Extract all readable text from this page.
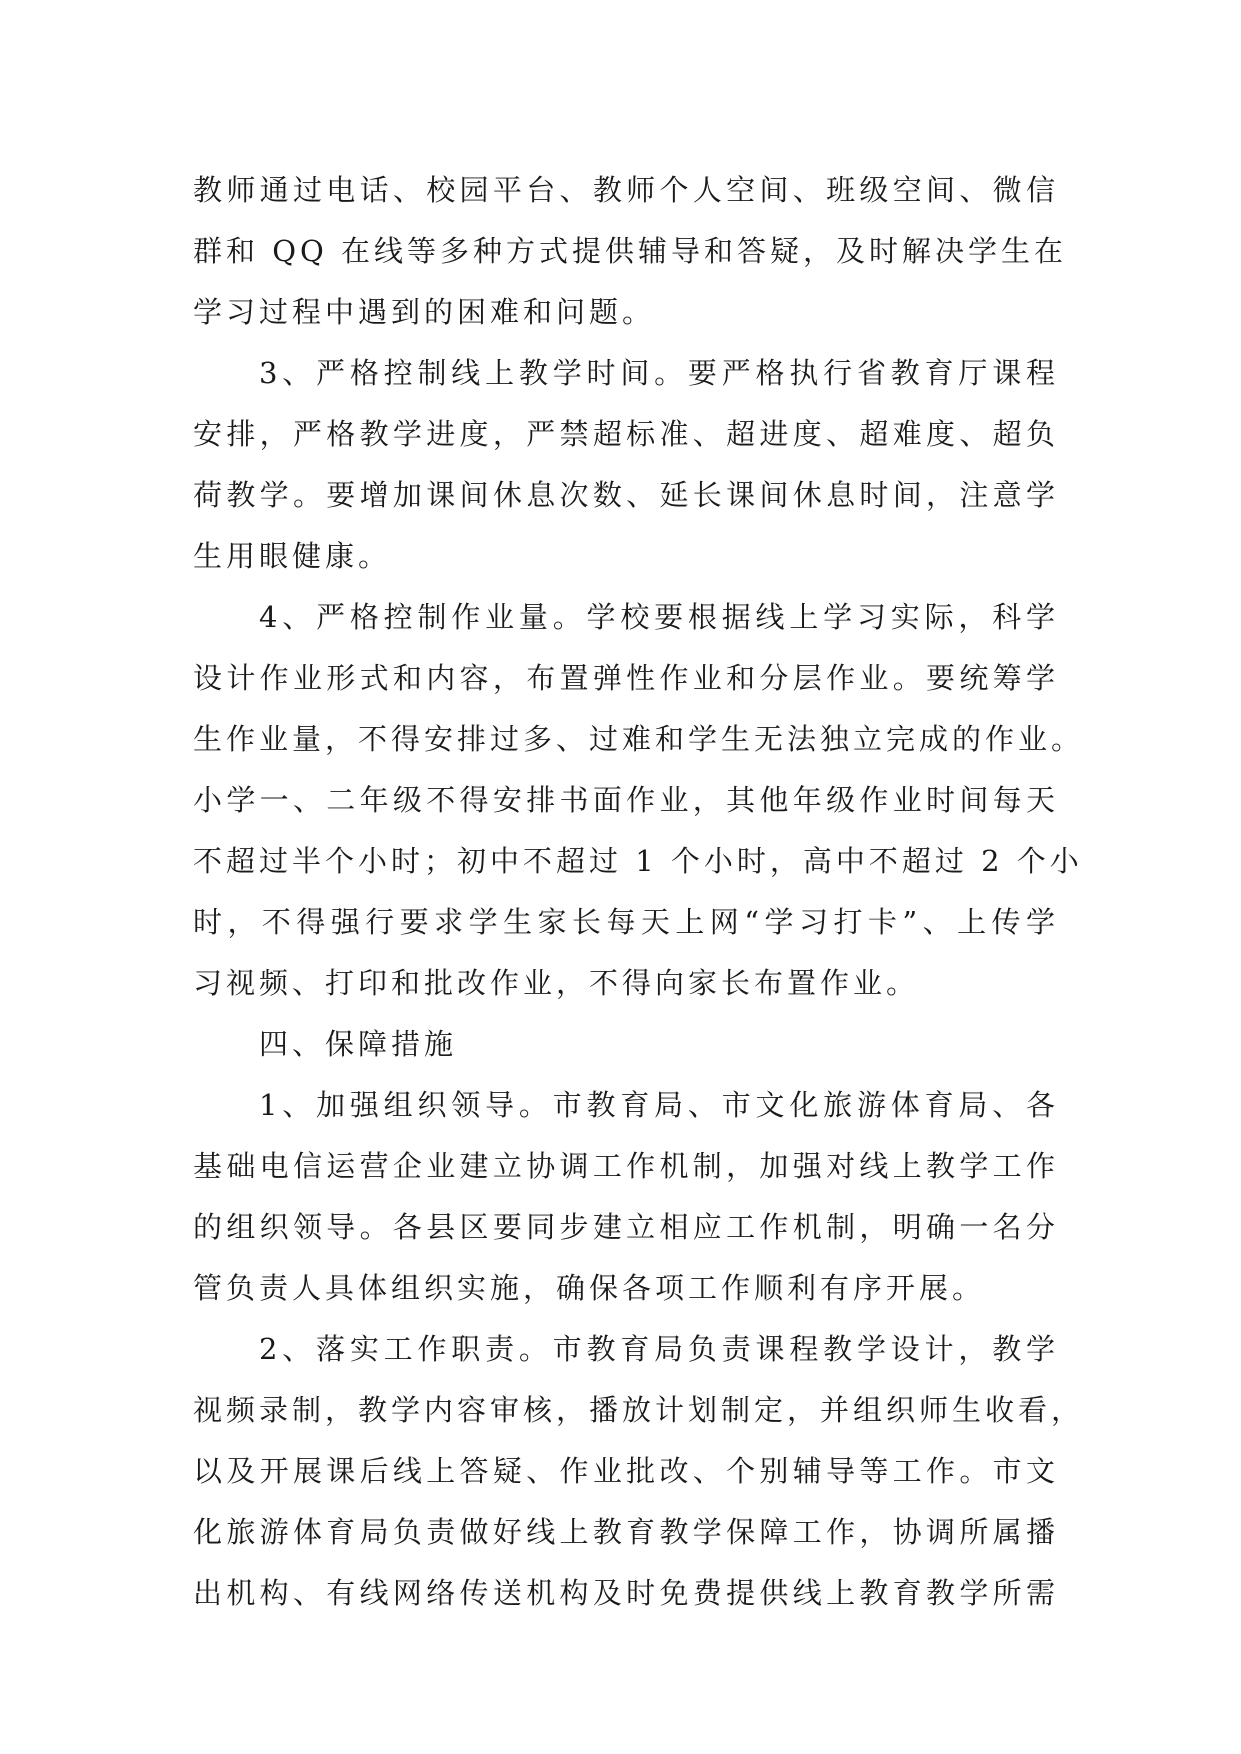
教师通过电话、校园平台、教师个人空间、班级空间、微信
群和 QQ 在线等多种方式提供辅导和答疑，及时解决学生在
学习过程中遇到的困难和问题。
3、严格控制线上教学时间。要严格执行省教育厅课程
安排，严格教学进度，严禁超标准、超进度、超难度、超负
荷教学。要增加课间休息次数、延长课间休息时间，注意学
生用眼健康。
4、严格控制作业量。学校要根据线上学习实际，科学
设计作业形式和内容，布置弹性作业和分层作业。要统筹学
生作业量，不得安排过多、过难和学生无法独立完成的作业。
小学一、二年级不得安排书面作业，其他年级作业时间每天
不超过半个小时；初中不超过 1 个小时，高中不超过 2 个小
时，不得强行要求学生家长每天上网“学习打卡”、上传学
习视频、打印和批改作业，不得向家长布置作业。
四、保障措施
1、加强组织领导。市教育局、市文化旅游体育局、各
基础电信运营企业建立协调工作机制，加强对线上教学工作
的组织领导。各县区要同步建立相应工作机制，明确一名分
管负责人具体组织实施，确保各项工作顺利有序开展。
2、落实工作职责。市教育局负责课程教学设计，教学
视频录制，教学内容审核，播放计划制定，并组织师生收看，
以及开展课后线上答疑、作业批改、个别辅导等工作。市文
化旅游体育局负责做好线上教育教学保障工作，协调所属播
出机构、有线网络传送机构及时免费提供线上教育教学所需
